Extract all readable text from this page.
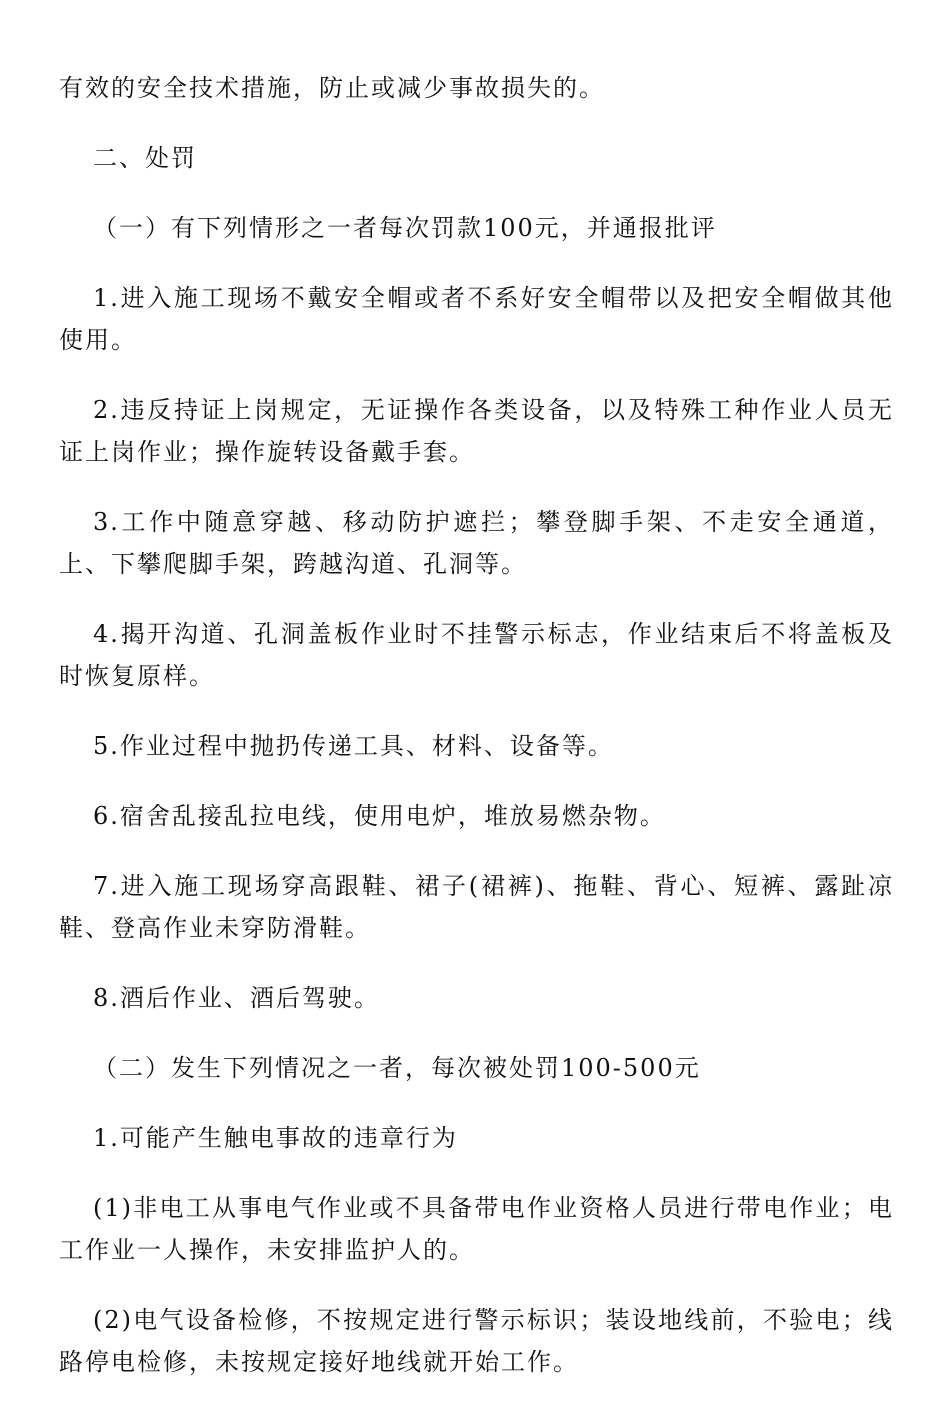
有效的安全技术措施，防止或减少事故损失的。

二、处罚

（一）有下列情形之一者每次罚款100元，并通报批评

1.进入施工现场不戴安全帽或者不系好安全帽带以及把安全帽做其他使用。

2.违反持证上岗规定，无证操作各类设备，以及特殊工种作业人员无证上岗作业；操作旋转设备戴手套。

3.工作中随意穿越、移动防护遮拦；攀登脚手架、不走安全通道，上、下攀爬脚手架，跨越沟道、孔洞等。

4.揭开沟道、孔洞盖板作业时不挂警示标志，作业结束后不将盖板及时恢复原样。

5.作业过程中抛扔传递工具、材料、设备等。

6.宿舍乱接乱拉电线，使用电炉，堆放易燃杂物。

7.进入施工现场穿高跟鞋、裙子(裙裤)、拖鞋、背心、短裤、露趾凉鞋、登高作业未穿防滑鞋。

8.酒后作业、酒后驾驶。

（二）发生下列情况之一者，每次被处罚100-500元

1.可能产生触电事故的违章行为

(1)非电工从事电气作业或不具备带电作业资格人员进行带电作业；电工作业一人操作，未安排监护人的。

(2)电气设备检修，不按规定进行警示标识；装设地线前，不验电；线路停电检修，未按规定接好地线就开始工作。
